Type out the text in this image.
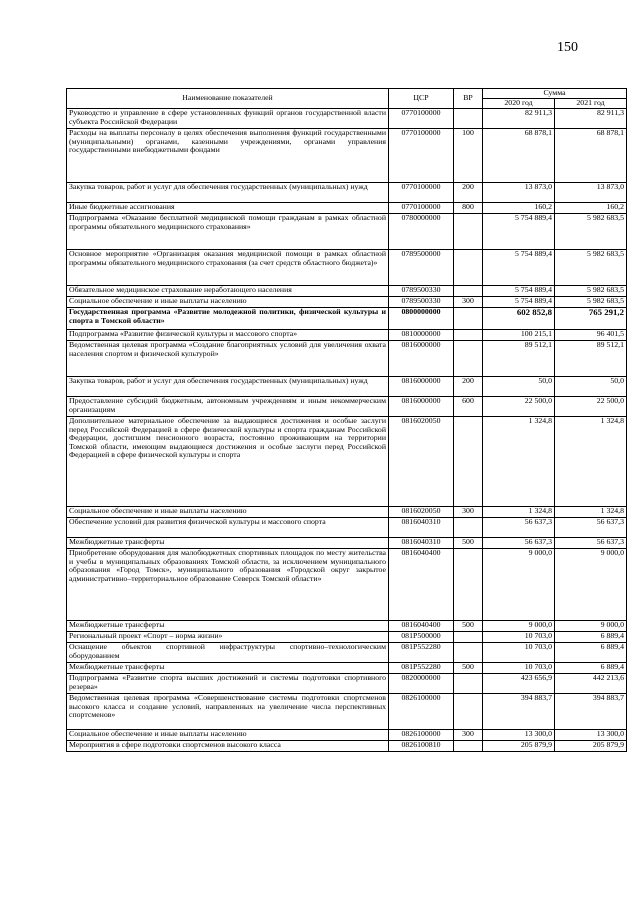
150
Наименование показателей	ЦСР	ВР	Сумма	
			2020 год	2021 год
Руководство и управление в сфере установленных функций органов государственной власти субъекта Российской Федерации	0770100000		82 911,3	82 911,3
Расходы на выплаты персоналу в целях обеспечения выполнения функций государственными (муниципальными) органами, казенными учреждениями, органами управления государственными внебюджетными фондами	0770100000	100	68 878,1	68 878,1
Закупка товаров, работ и услуг для обеспечения государственных (муниципальных) нужд	0770100000	200	13 873,0	13 873,0
Иные бюджетные ассигнования	0770100000	800	160,2	160,2
Подпрограмма «Оказание бесплатной медицинской помощи гражданам в рамках областной программы обязательного медицинского страхования»	0780000000		5 754 889,4	5 982 683,5
Основное мероприятие «Организация оказания медицинской помощи в рамках областной программы обязательного медицинского страхования (за счет средств областного бюджета)»	0789500000		5 754 889,4	5 982 683,5
Обязательное медицинское страхование неработающего населения	0789500330		5 754 889,4	5 982 683,5
Социальное обеспечение и иные выплаты населению	0789500330	300	5 754 889,4	5 982 683,5
Государственная программа «Развитие молодежной политики, физической культуры и спорта в Томской области»	0800000000		602 852,8	765 291,2
Подпрограмма «Развитие физической культуры и массового спорта»	0810000000		100 215,1	96 401,5
Ведомственная целевая программа «Создание благоприятных условий для увеличения охвата населения спортом и физической культурой»	0816000000		89 512,1	89 512,1
Закупка товаров, работ и услуг для обеспечения государственных (муниципальных) нужд	0816000000	200	50,0	50,0
Предоставление субсидий бюджетным, автономным учреждениям и иным некоммерческим организациям	0816000000	600	22 500,0	22 500,0
Дополнительное материальное обеспечение за выдающиеся достижения и особые заслуги перед Российской Федерацией в сфере физической культуры и спорта гражданам Российской Федерации, достигшим пенсионного возраста, постоянно проживающим на территории Томской области, имеющим выдающиеся достижения и особые заслуги перед Российской Федерацией в сфере физической культуры и спорта	0816020050		1 324,8	1 324,8
Социальное обеспечение и иные выплаты населению	0816020050	300	1 324,8	1 324,8
Обеспечение условий для развития физической культуры и массового спорта	0816040310		56 637,3	56 637,3
Межбюджетные трансферты	0816040310	500	56 637,3	56 637,3
Приобретение оборудования для малобюджетных спортивных площадок по месту жительства и учебы в муниципальных образованиях Томской области, за исключением муниципального образования «Город Томск», муниципального образования «Городской округ закрытое административно–территориальное образование Северск Томской области»	0816040400		9 000,0	9 000,0
Межбюджетные трансферты	0816040400	500	9 000,0	9 000,0
Региональный проект «Спорт – норма жизни»	081P500000		10 703,0	6 889,4
Оснащение объектов спортивной инфраструктуры спортивно–технологическим оборудованием	081P552280		10 703,0	6 889,4
Межбюджетные трансферты	081P552280	500	10 703,0	6 889,4
Подпрограмма «Развитие спорта высших достижений и системы подготовки спортивного резерва»	0820000000		423 656,9	442 213,6
Ведомственная целевая программа «Совершенствование системы подготовки спортсменов высокого класса и создание условий, направленных на увеличение числа перспективных спортсменов»	0826100000		394 883,7	394 883,7
Социальное обеспечение и иные выплаты населению	0826100000	300	13 300,0	13 300,0
Мероприятия в сфере подготовки спортсменов высокого класса	0826100810		205 879,9	205 879,9
